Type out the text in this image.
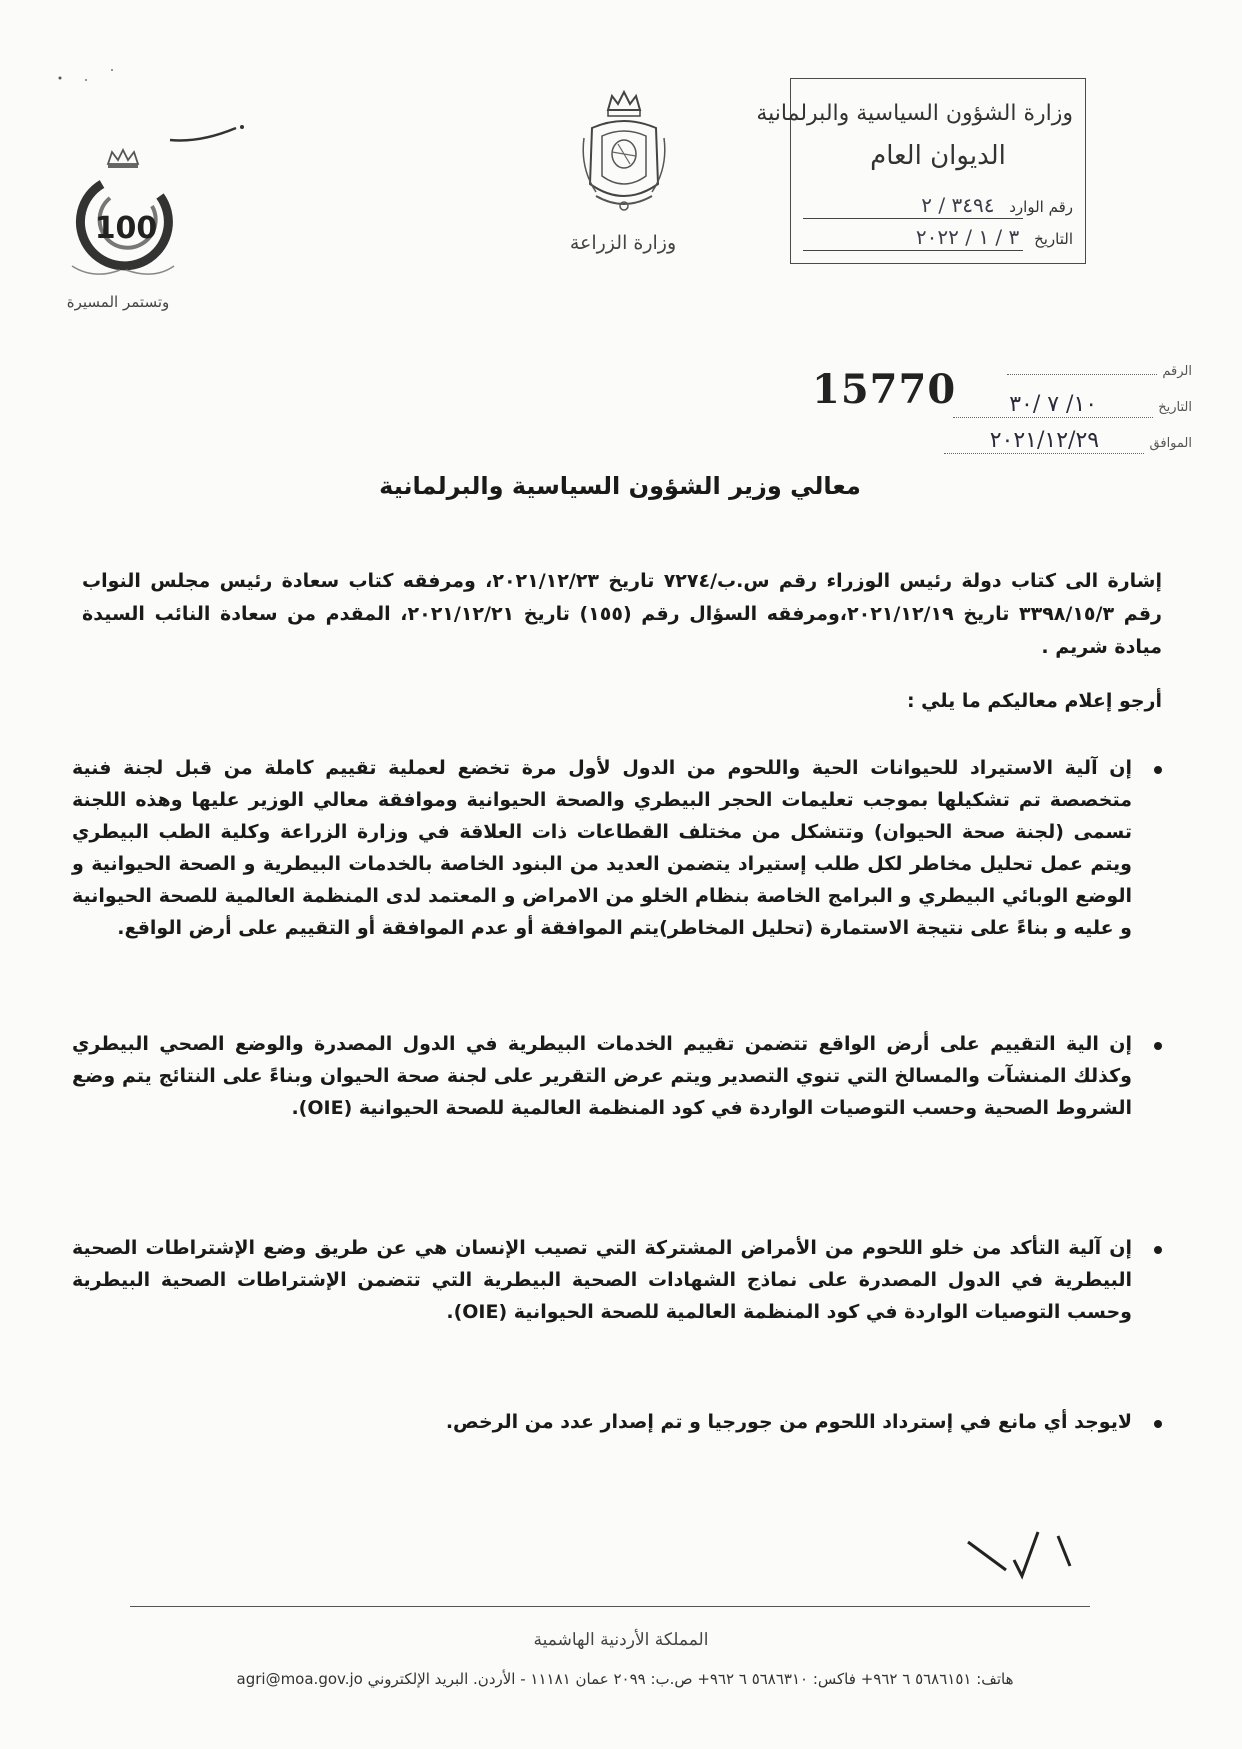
وزارة الشؤون السياسية والبرلمانية
الديوان العام
رقم الوارد ٣٤٩٤ / ٢
التاريخ ٣ / ١ / ٢٠٢٢
وزارة الزراعة
100
وتستمر المسيرة
الرقم
15770	التاريخ ١٠/ ٧ /٣٠
الموافق ٢٠٢١/١٢/٢٩
معالي وزير الشؤون السياسية والبرلمانية
إشارة الى كتاب دولة رئيس الوزراء رقم س.ب/٧٢٧٤ تاريخ ٢٠٢١/١٢/٢٣، ومرفقه كتاب سعادة رئيس مجلس النواب رقم ٣٣٩٨/١٥/٣ تاريخ ٢٠٢١/١٢/١٩،ومرفقه السؤال رقم (١٥٥) تاريخ ٢٠٢١/١٢/٢١، المقدم من سعادة النائب السيدة ميادة شريم .
أرجو إعلام معاليكم ما يلي :

إن آلية الاستيراد للحيوانات الحية واللحوم من الدول لأول مرة تخضع لعملية تقييم كاملة من قبل لجنة فنية متخصصة تم تشكيلها بموجب تعليمات الحجر البيطري والصحة الحيوانية وموافقة معالي الوزير عليها وهذه اللجنة تسمى (لجنة صحة الحيوان) وتتشكل من مختلف القطاعات ذات العلاقة في وزارة الزراعة وكلية الطب البيطري ويتم عمل تحليل مخاطر لكل طلب إستيراد يتضمن العديد من البنود الخاصة بالخدمات البيطرية و الصحة الحيوانية و الوضع الوبائي البيطري و البرامج الخاصة بنظام الخلو من الامراض و المعتمد لدى المنظمة العالمية للصحة الحيوانية و عليه و بناءً على نتيجة الاستمارة (تحليل المخاطر)يتم الموافقة أو عدم الموافقة أو التقييم على أرض الواقع.

إن الية التقييم على أرض الواقع تتضمن تقييم الخدمات البيطرية في الدول المصدرة والوضع الصحي البيطري وكذلك المنشآت والمسالخ التي تنوي التصدير ويتم عرض التقرير على لجنة صحة الحيوان وبناءً على النتائج يتم وضع الشروط الصحية وحسب التوصيات الواردة في كود المنظمة العالمية للصحة الحيوانية (OIE).

إن آلية التأكد من خلو اللحوم من الأمراض المشتركة التي تصيب الإنسان هي عن طريق وضع الإشتراطات الصحية البيطرية في الدول المصدرة على نماذج الشهادات الصحية البيطرية التي تتضمن الإشتراطات الصحية البيطرية وحسب التوصيات الواردة في كود المنظمة العالمية للصحة الحيوانية (OIE).

لايوجد أي مانع في إسترداد اللحوم من جورجيا و تم إصدار عدد من الرخص.

المملكة الأردنية الهاشمية
هاتف: ٥٦٨٦١٥١ ٦ ٩٦٢+ فاكس: ٥٦٨٦٣١٠ ٦ ٩٦٢+ ص.ب: ٢٠٩٩ عمان ١١١٨١ - الأردن. البريد الإلكتروني agri@moa.gov.jo
